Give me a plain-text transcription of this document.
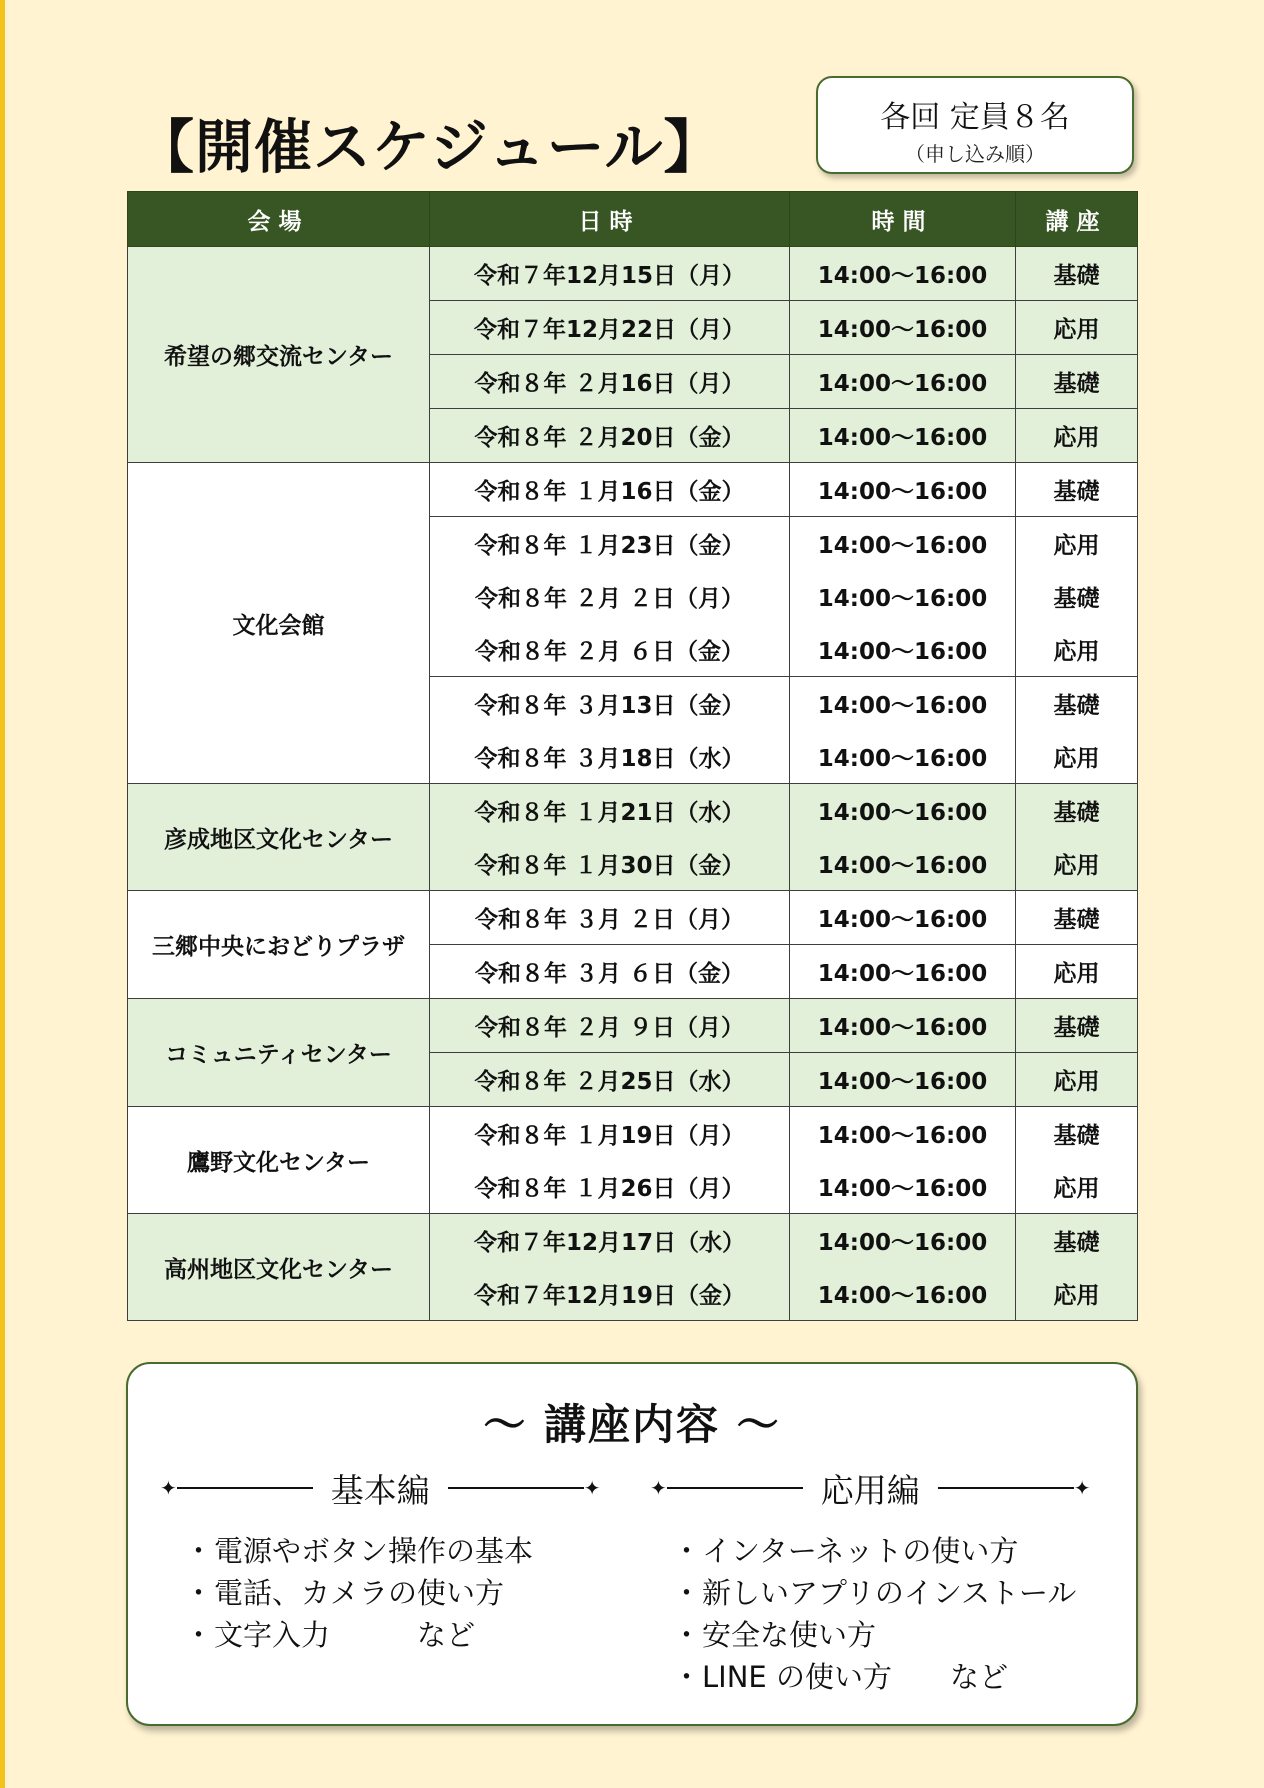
【開催スケジュール】	各回 定員８名
（申し込み順）
会場	日時	時間	講座
希望の郷交流センター	令和７年12月15日（月）	14:00～16:00	基礎
	令和７年12月22日（月）	14:00～16:00	応用
	令和８年 ２月16日（月）	14:00～16:00	基礎
	令和８年 ２月20日（金）	14:00～16:00	応用
文化会館	令和８年 １月16日（金）	14:00～16:00	基礎
	令和８年 １月23日（金）	14:00～16:00	応用
	令和８年 ２月 ２日（月）	14:00～16:00	基礎
	令和８年 ２月 ６日（金）	14:00～16:00	応用
	令和８年 ３月13日（金）	14:00～16:00	基礎
	令和８年 ３月18日（水）	14:00～16:00	応用
彦成地区文化センター	令和８年 １月21日（水）	14:00～16:00	基礎
	令和８年 １月30日（金）	14:00～16:00	応用
三郷中央におどりプラザ	令和８年 ３月 ２日（月）	14:00～16:00	基礎
	令和８年 ３月 ６日（金）	14:00～16:00	応用
コミュニティセンター	令和８年 ２月 ９日（月）	14:00～16:00	基礎
	令和８年 ２月25日（水）	14:00～16:00	応用
鷹野文化センター	令和８年 １月19日（月）	14:00～16:00	基礎
	令和８年 １月26日（月）	14:00～16:00	応用
高州地区文化センター	令和７年12月17日（水）	14:00～16:00	基礎
	令和７年12月19日（金）	14:00～16:00	応用
～ 講座内容 ～
✦	基本編	✦ ✦	応用編	✦
・電源やボタン操作の基本
・電話、カメラの使い方
・文字入力　　　など
・インターネットの使い方
・新しいアプリのインストール
・安全な使い方
・LINE の使い方　　など
